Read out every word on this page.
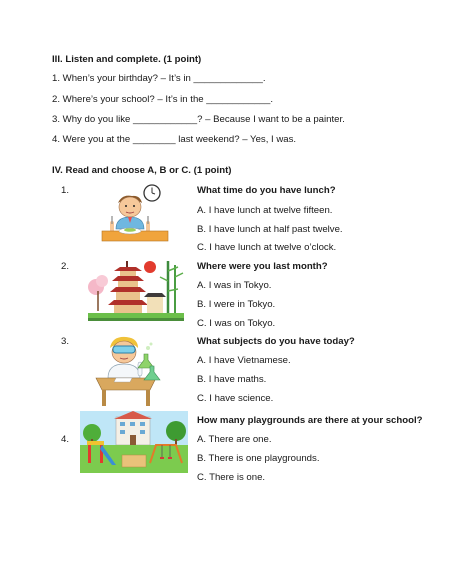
III. Listen and complete. (1 point)
1. When’s your birthday? – It’s in _____________.
2. Where’s your school? – It’s in the ____________.
3. Why do you like ____________? – Because I want to be a painter.
4. Were you at the ________ last weekend? – Yes, I was.
IV. Read and choose A, B or C. (1 point)
1.	What time do you have lunch?
A. I have lunch at twelve fifteen.
B. I have lunch at half past twelve.
C. I have lunch at twelve o’clock.
2.	Where were you last month?
A. I was in Tokyo.
B. I were in Tokyo.
C. I was on Tokyo.
3.	What subjects do you have today?
A. I have Vietnamese.
B. I have maths.
C. I have science.
4.
How many playgrounds are there at your school?
A. There are one.
B. There is one playgrounds.
C. There is one.
